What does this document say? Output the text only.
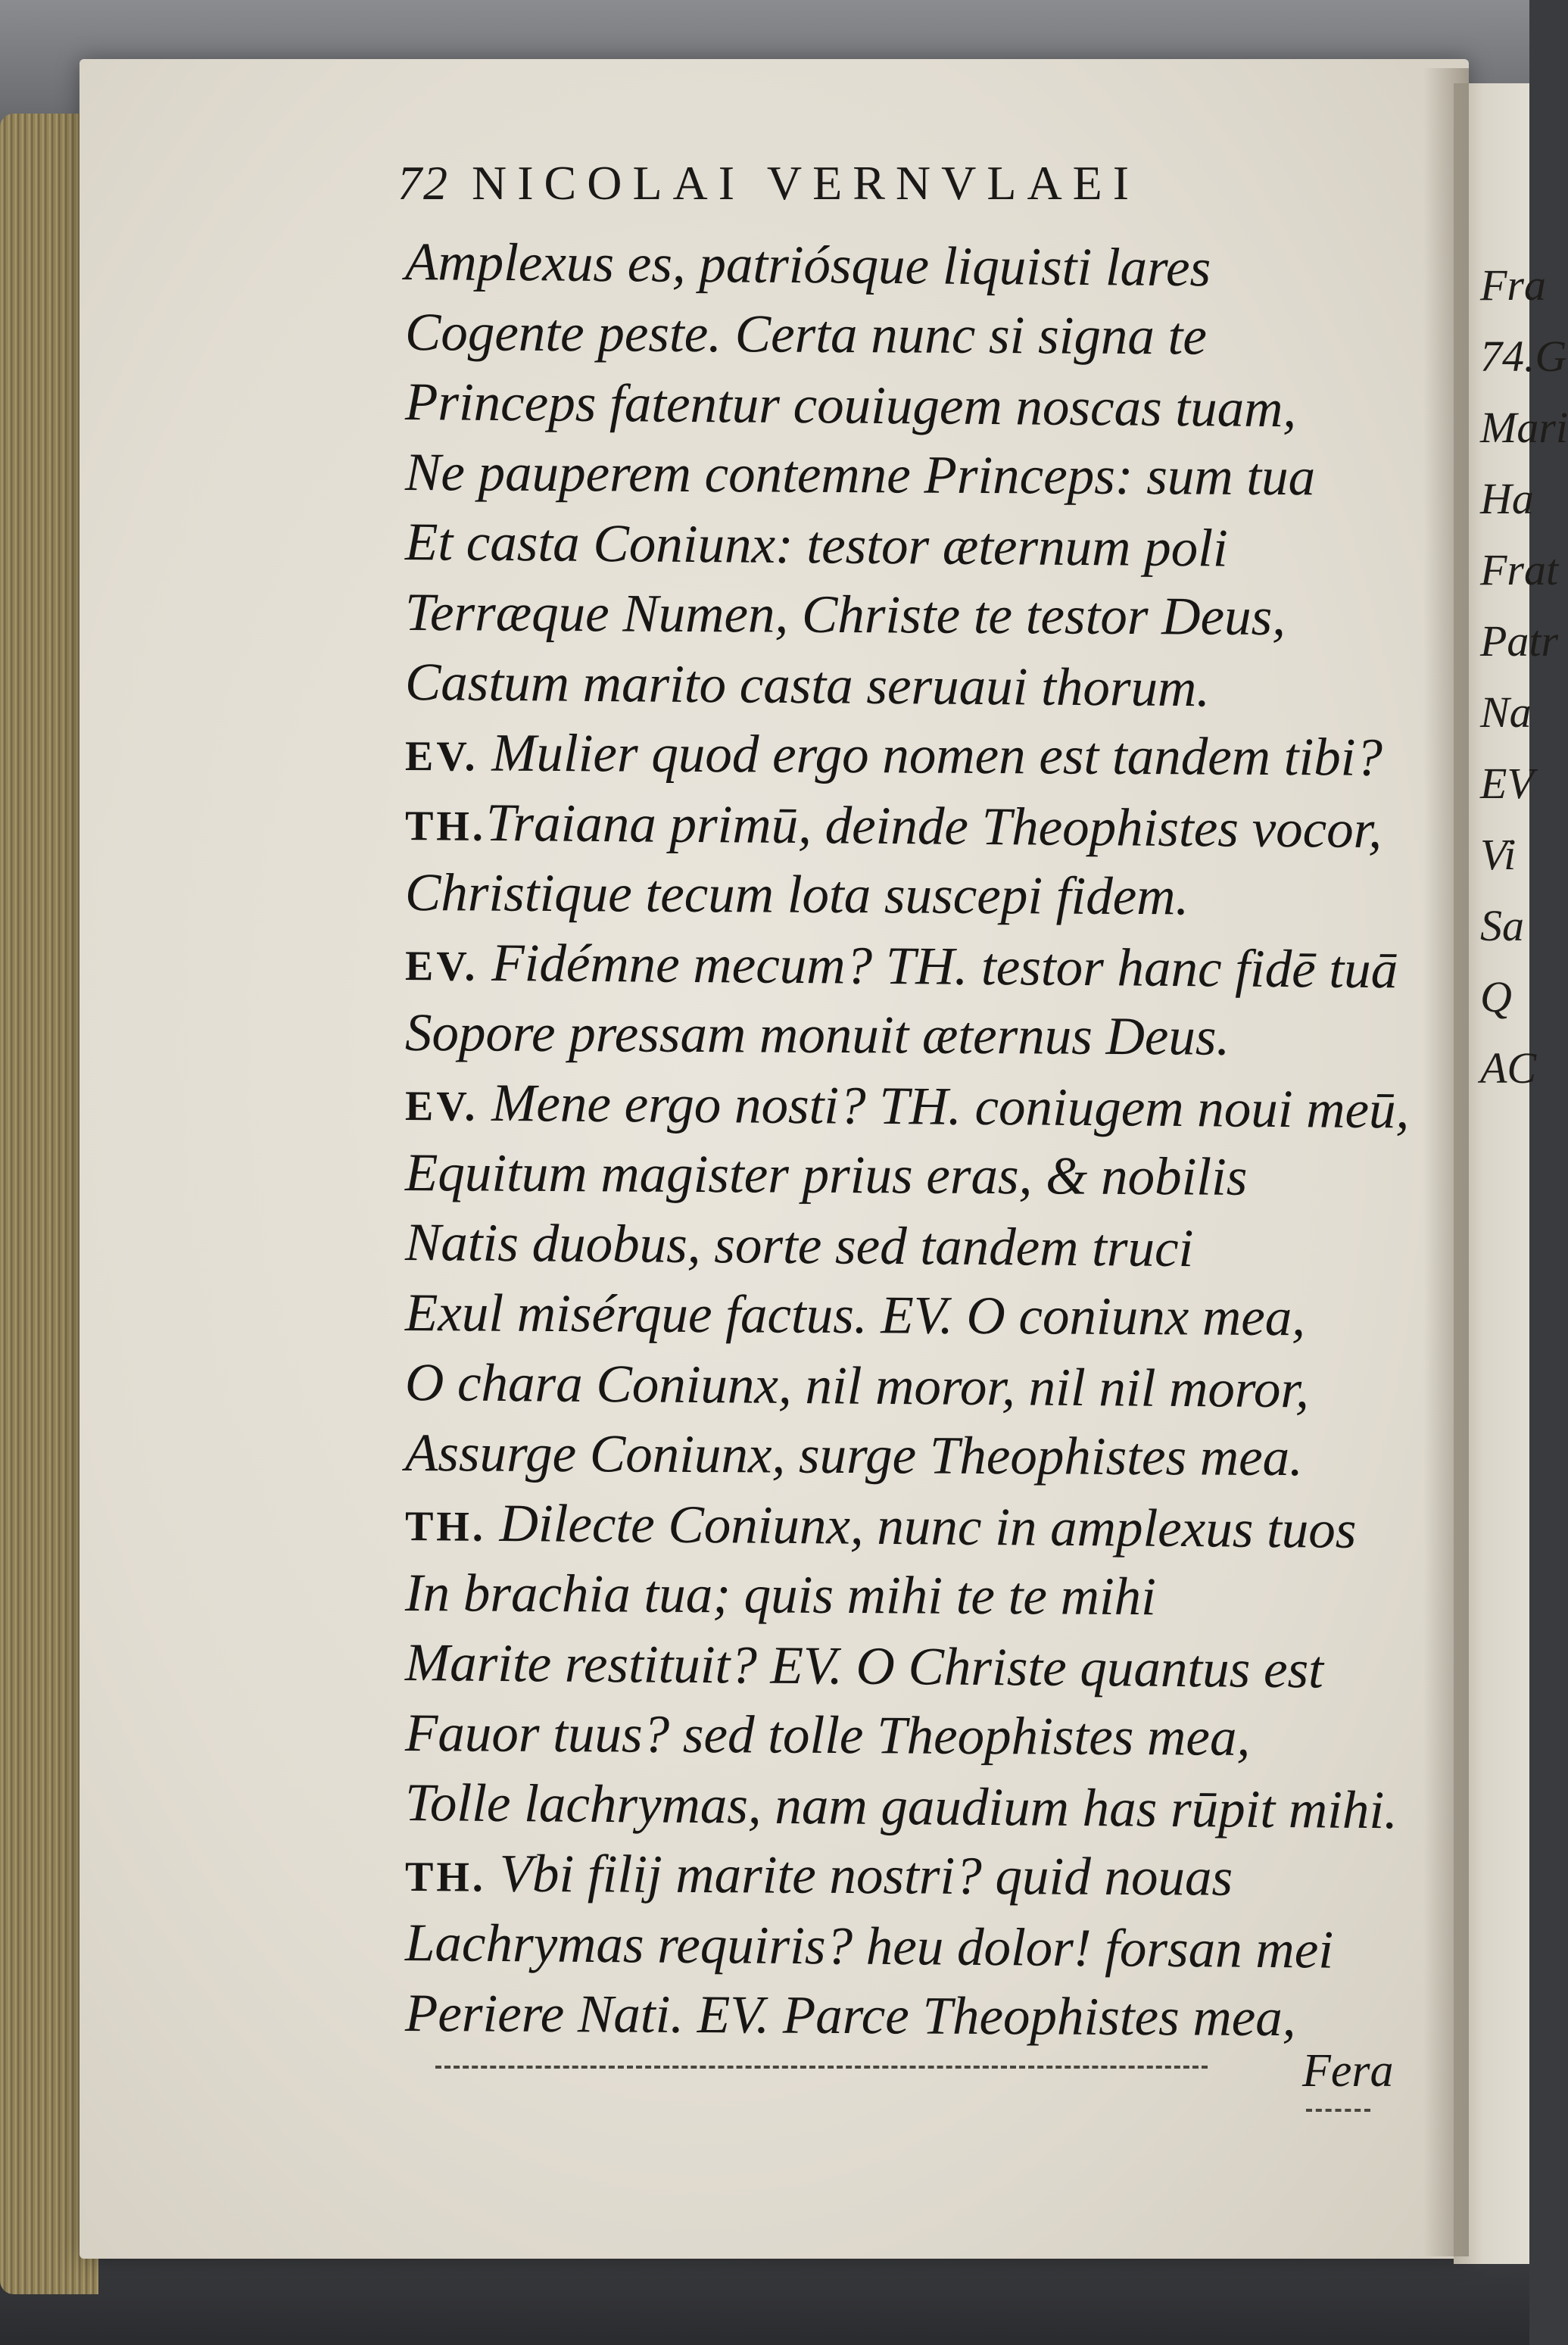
72 NICOLAI VERNVLAEI
Amplexus es, patriósque liquisti lares
Cogente peste. Certa nunc si signa te
Princeps fatentur couiugem noscas tuam,
Ne pauperem contemne Princeps: sum tua
Et casta Coniunx: testor æternum poli
Terræque Numen, Christe te testor Deus,
Castum marito casta seruaui thorum.
EV. Mulier quod ergo nomen est tandem tibi?
TH.Traiana primū, deinde Theophistes vocor,
Christique tecum lota suscepi fidem.
EV. Fidémne mecum? TH. testor hanc fidē tuā
Sopore pressam monuit æternus Deus.
EV. Mene ergo nosti? TH. coniugem noui meū,
Equitum magister prius eras, & nobilis
Natis duobus, sorte sed tandem truci
Exul misérque factus. EV. O coniunx mea,
O chara Coniunx, nil moror, nil nil moror,
Assurge Coniunx, surge Theophistes mea.
TH. Dilecte Coniunx, nunc in amplexus tuos
In brachia tua; quis mihi te te mihi
Marite restituit? EV. O Christe quantus est
Fauor tuus? sed tolle Theophistes mea,
Tolle lachrymas, nam gaudium has rūpit mihi.
TH. Vbi filij marite nostri? quid nouas
Lachrymas requiris? heu dolor! forsan mei
Periere Nati. EV. Parce Theophistes mea,
Fera
Fra
74.G
Mari
Ha
Frat
Patr
Na
EV
Vi
Sa
Q
AC
